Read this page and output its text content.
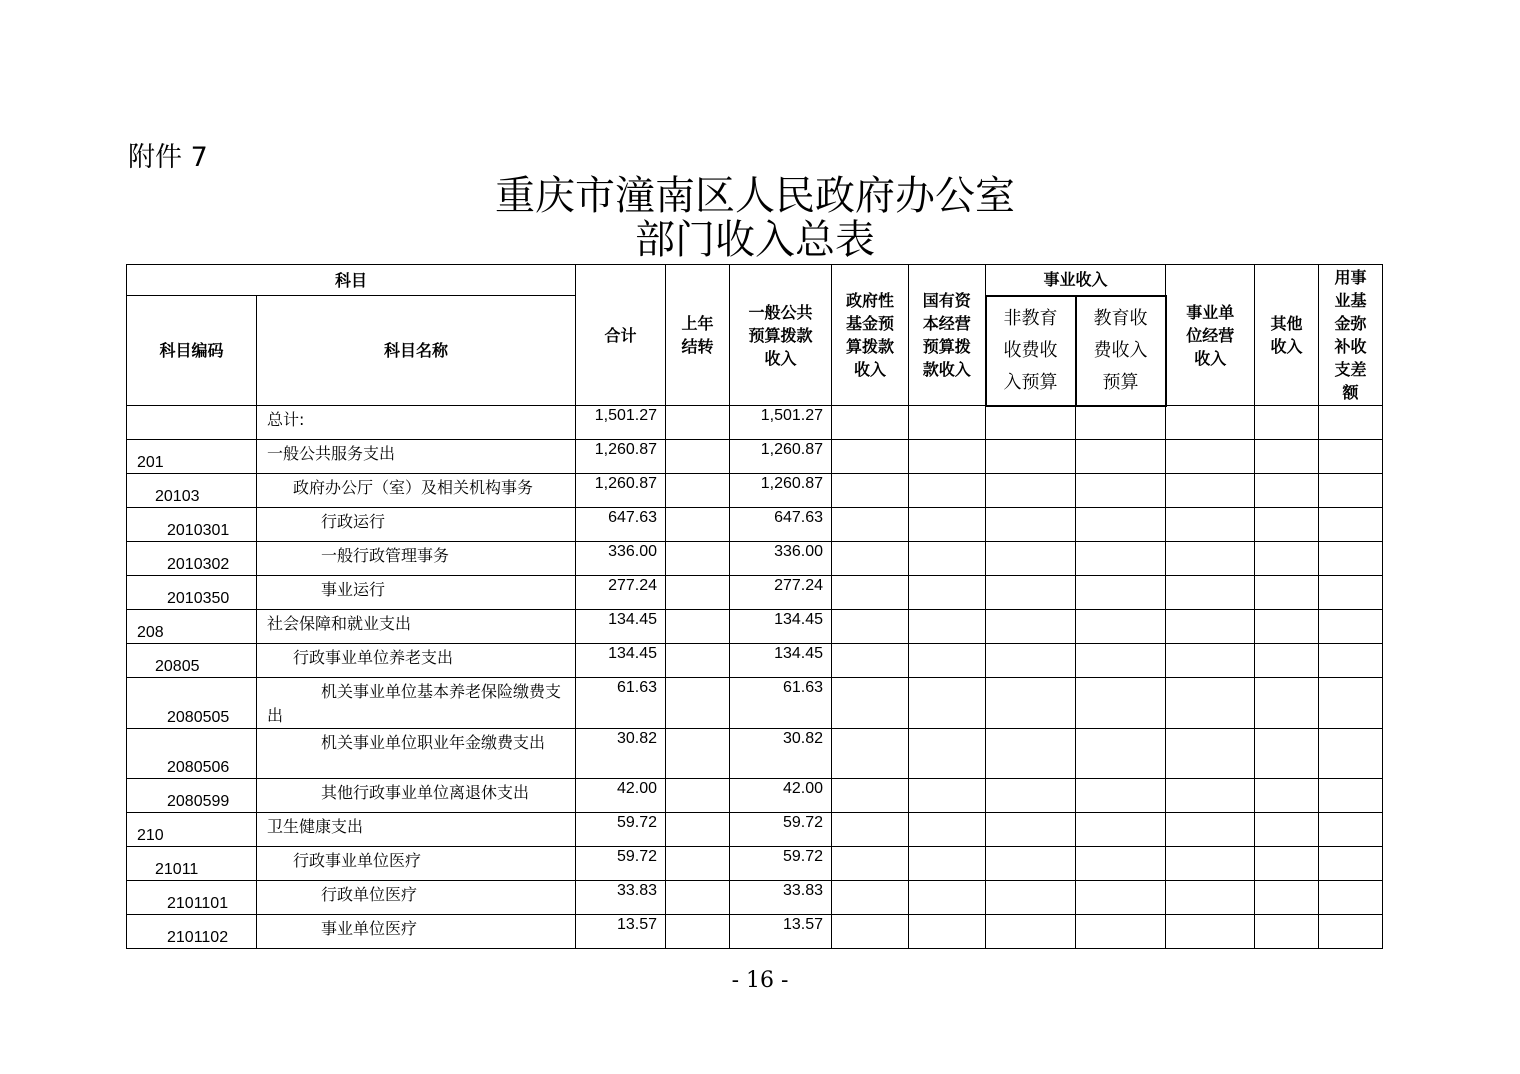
附件 7
重庆市潼南区人民政府办公室
部门收入总表
科目		合计	上年结转	一般公共预算拨款收入	政府性基金预算拨款收入	国有资本经营预算拨款收入	事业收入		事业单位经营收入	其他收入	用事业基金弥补收支差额
科目编码	科目名称						非教育收费收入预算	教育收费收入预算			
	总计:	1,501.27		1,501.27							
201	一般公共服务支出	1,260.87		1,260.87							
20103	政府办公厅（室）及相关机构事务	1,260.87		1,260.87							
2010301	行政运行	647.63		647.63							
2010302	一般行政管理事务	336.00		336.00							
2010350	事业运行	277.24		277.24							
208	社会保障和就业支出	134.45		134.45							
20805	行政事业单位养老支出	134.45		134.45							
2080505	机关事业单位基本养老保险缴费支出	61.63		61.63							
2080506	机关事业单位职业年金缴费支出	30.82		30.82							
2080599	其他行政事业单位离退休支出	42.00		42.00							
210	卫生健康支出	59.72		59.72							
21011	行政事业单位医疗	59.72		59.72							
2101101	行政单位医疗	33.83		33.83							
2101102	事业单位医疗	13.57		13.57							
- 16 -
